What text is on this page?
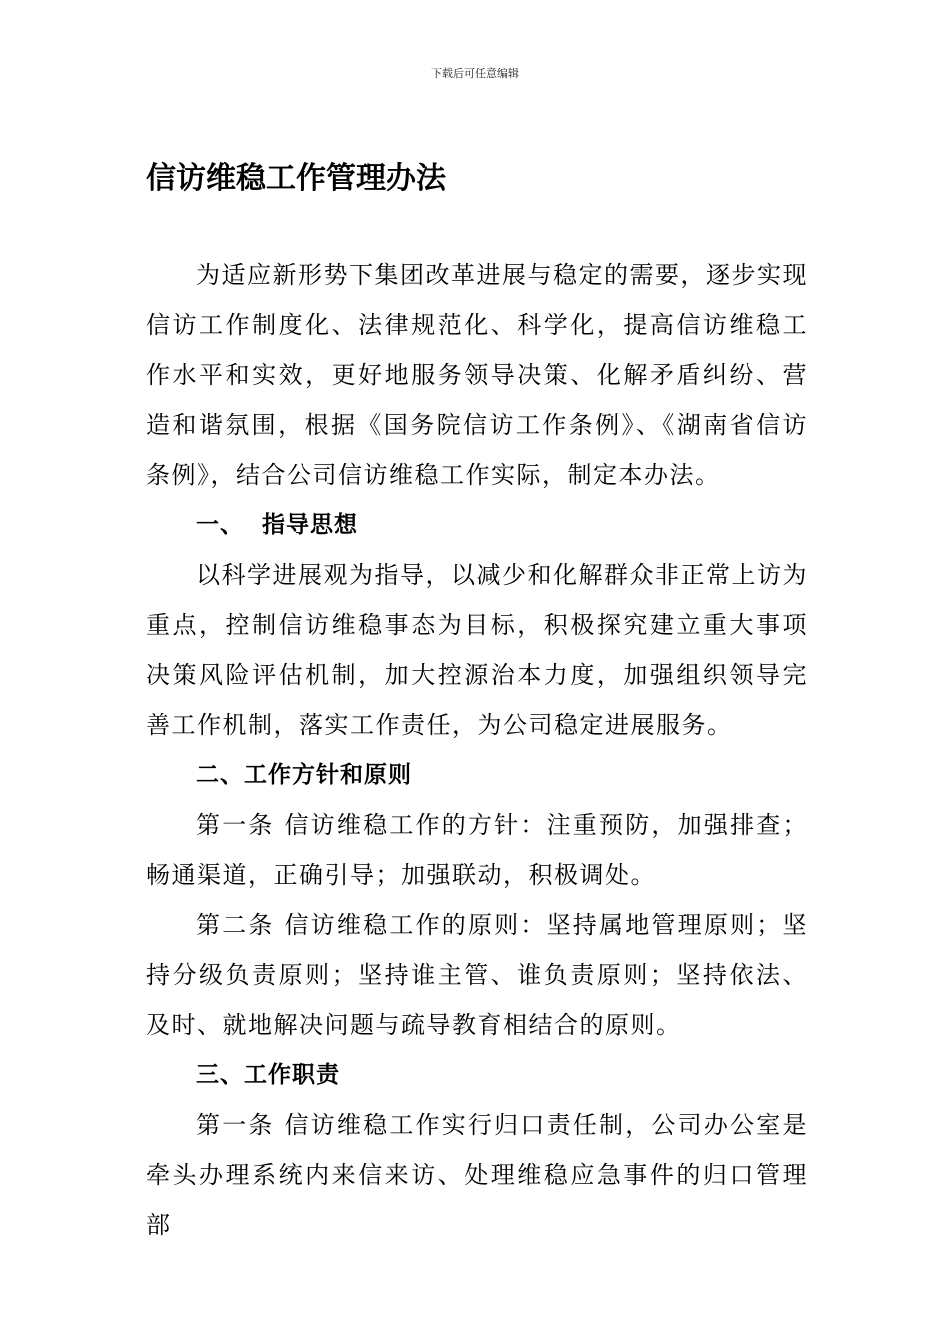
下载后可任意编辑
信访维稳工作管理办法

为适应新形势下集团改革进展与稳定的需要，逐步实现信访工作制度化、法律规范化、科学化，提高信访维稳工作水平和实效，更好地服务领导决策、化解矛盾纠纷、营造和谐氛围，根据《国务院信访工作条例》、《湖南省信访条例》，结合公司信访维稳工作实际，制定本办法。

一、  指导思想

以科学进展观为指导，以减少和化解群众非正常上访为重点，控制信访维稳事态为目标，积极探究建立重大事项决策风险评估机制，加大控源治本力度，加强组织领导完善工作机制，落实工作责任，为公司稳定进展服务。

二、工作方针和原则

第一条 信访维稳工作的方针：注重预防，加强排查；畅通渠道，正确引导；加强联动，积极调处。

第二条 信访维稳工作的原则：坚持属地管理原则；坚持分级负责原则；坚持谁主管、谁负责原则；坚持依法、及时、就地解决问题与疏导教育相结合的原则。

三、工作职责

第一条 信访维稳工作实行归口责任制，公司办公室是牵头办理系统内来信来访、处理维稳应急事件的归口管理部
